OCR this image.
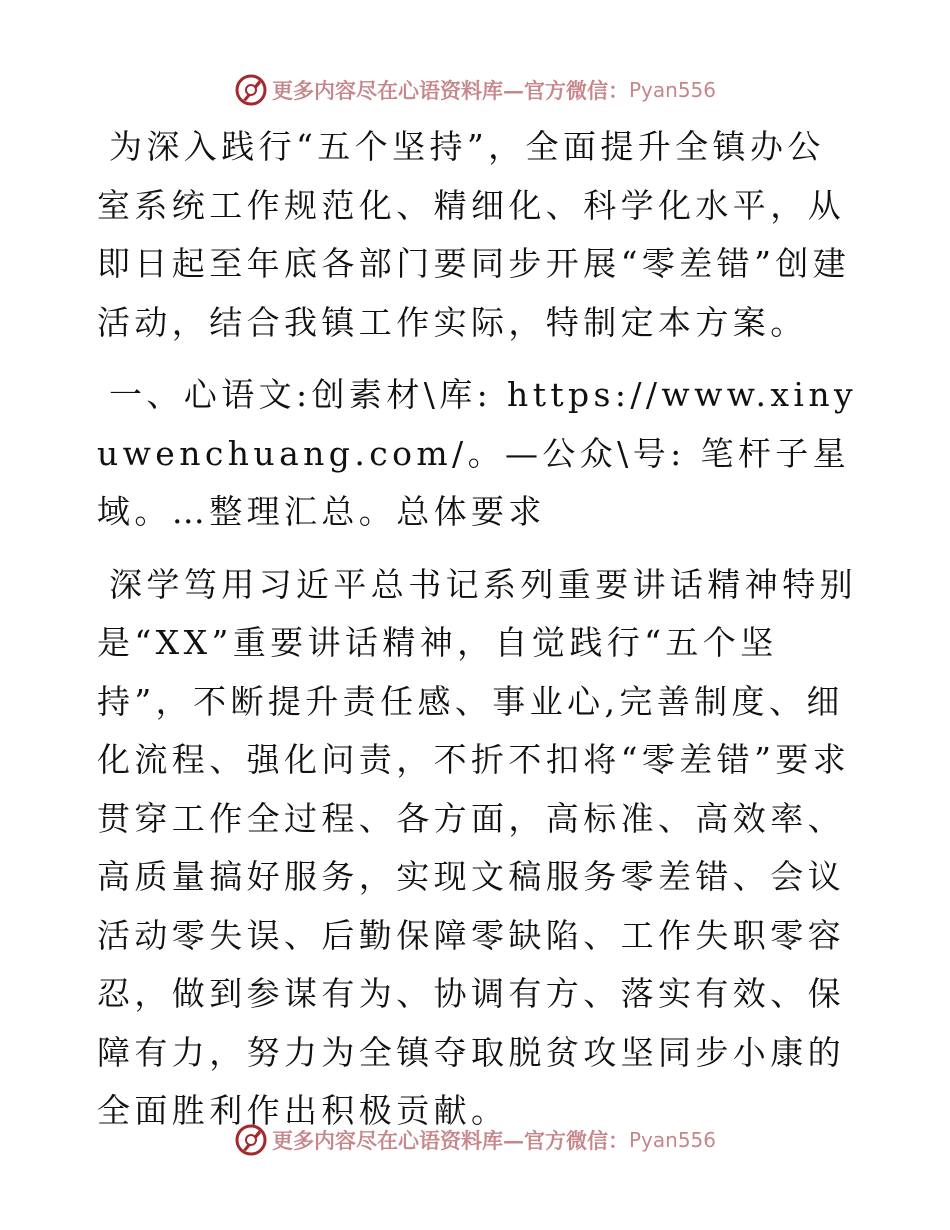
更多内容尽在心语资料库—官方微信： Pyan556

为深入践行“五个坚持”，全面提升全镇办公室系统工作规范化、精细化、科学化水平，从即日起至年底各部门要同步开展“零差错”创建活动，结合我镇工作实际，特制定本方案。

一、心语文:创素材\库: https://www.xinyuwenchuang.com/。—公众\号: 笔杆子星域。…整理汇总。总体要求

深学笃用习近平总书记系列重要讲话精神特别是“XX”重要讲话精神，自觉践行“五个坚持”，不断提升责任感、事业心,完善制度、细化流程、强化问责，不折不扣将“零差错”要求贯穿工作全过程、各方面，高标准、高效率、高质量搞好服务，实现文稿服务零差错、会议活动零失误、后勤保障零缺陷、工作失职零容忍，做到参谋有为、协调有方、落实有效、保障有力，努力为全镇夺取脱贫攻坚同步小康的全面胜利作出积极贡献。

更多内容尽在心语资料库—官方微信： Pyan556
